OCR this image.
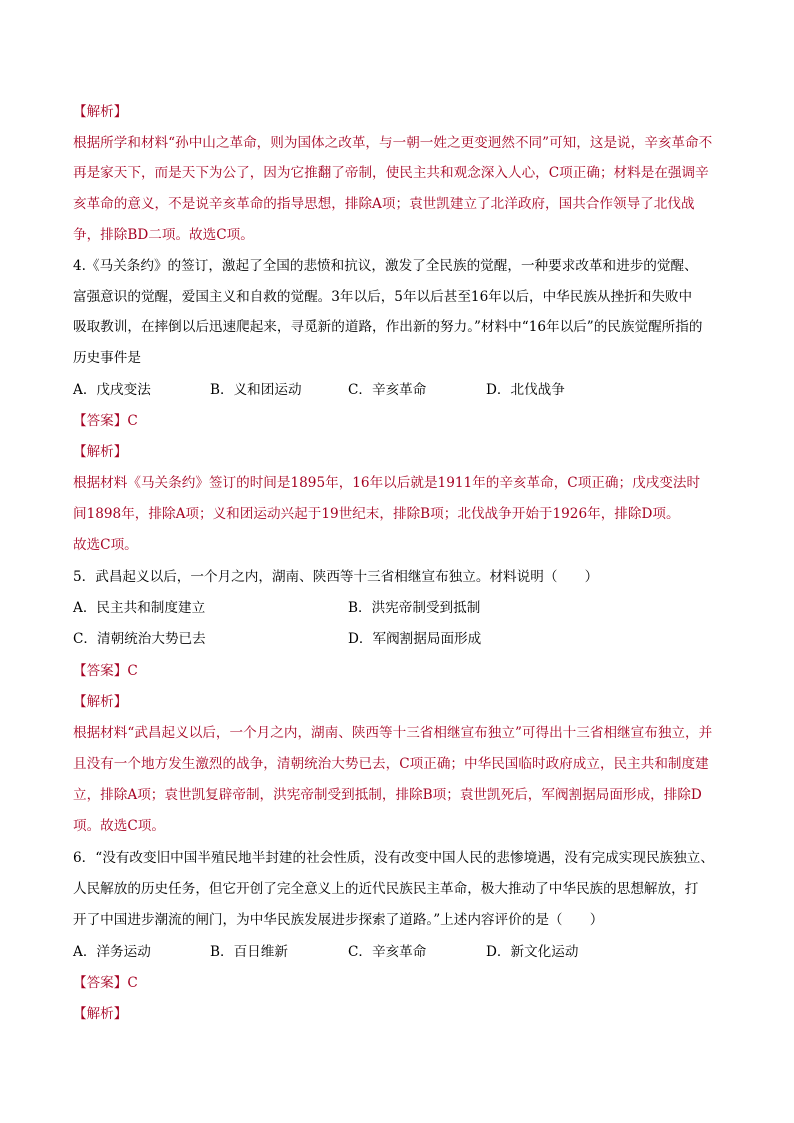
【解析】
根据所学和材料“孙中山之革命，则为国体之改革，与一朝一姓之更变迥然不同”可知，这是说，辛亥革命不
再是家天下，而是天下为公了，因为它推翻了帝制，使民主共和观念深入人心，C项正确；材料是在强调辛
亥革命的意义，不是说辛亥革命的指导思想，排除A项；袁世凯建立了北洋政府，国共合作领导了北伐战
争，排除BD二项。故选C项。
4.《马关条约》的签订，激起了全国的悲愤和抗议，激发了全民族的觉醒，一种要求改革和进步的觉醒、
富强意识的觉醒，爱国主义和自救的觉醒。3年以后，5年以后甚至16年以后，中华民族从挫折和失败中
吸取教训，在摔倒以后迅速爬起来，寻觅新的道路，作出新的努力。”材料中“16年以后”的民族觉醒所指的
历史事件是
A．戊戌变法	B．义和团运动	C．辛亥革命	D．北伐战争
【答案】C
【解析】
根据材料《马关条约》签订的时间是1895年，16年以后就是1911年的辛亥革命，C项正确；戊戌变法时
间1898年，排除A项；义和团运动兴起于19世纪末，排除B项；北伐战争开始于1926年，排除D项。
故选C项。
5．武昌起义以后，一个月之内，湖南、陕西等十三省相继宣布独立。材料说明（　　）
A．民主共和制度建立	B．洪宪帝制受到抵制
C．清朝统治大势已去	D．军阀割据局面形成
【答案】C
【解析】
根据材料“武昌起义以后，一个月之内，湖南、陕西等十三省相继宣布独立”可得出十三省相继宣布独立，并
且没有一个地方发生激烈的战争，清朝统治大势已去，C项正确；中华民国临时政府成立，民主共和制度建
立，排除A项；袁世凯复辟帝制，洪宪帝制受到抵制，排除B项；袁世凯死后，军阀割据局面形成，排除D
项。故选C项。
6．“没有改变旧中国半殖民地半封建的社会性质，没有改变中国人民的悲惨境遇，没有完成实现民族独立、
人民解放的历史任务，但它开创了完全意义上的近代民族民主革命，极大推动了中华民族的思想解放，打
开了中国进步潮流的闸门，为中华民族发展进步探索了道路。”上述内容评价的是（　　）
A．洋务运动	B．百日维新	C．辛亥革命	D．新文化运动
【答案】C
【解析】
